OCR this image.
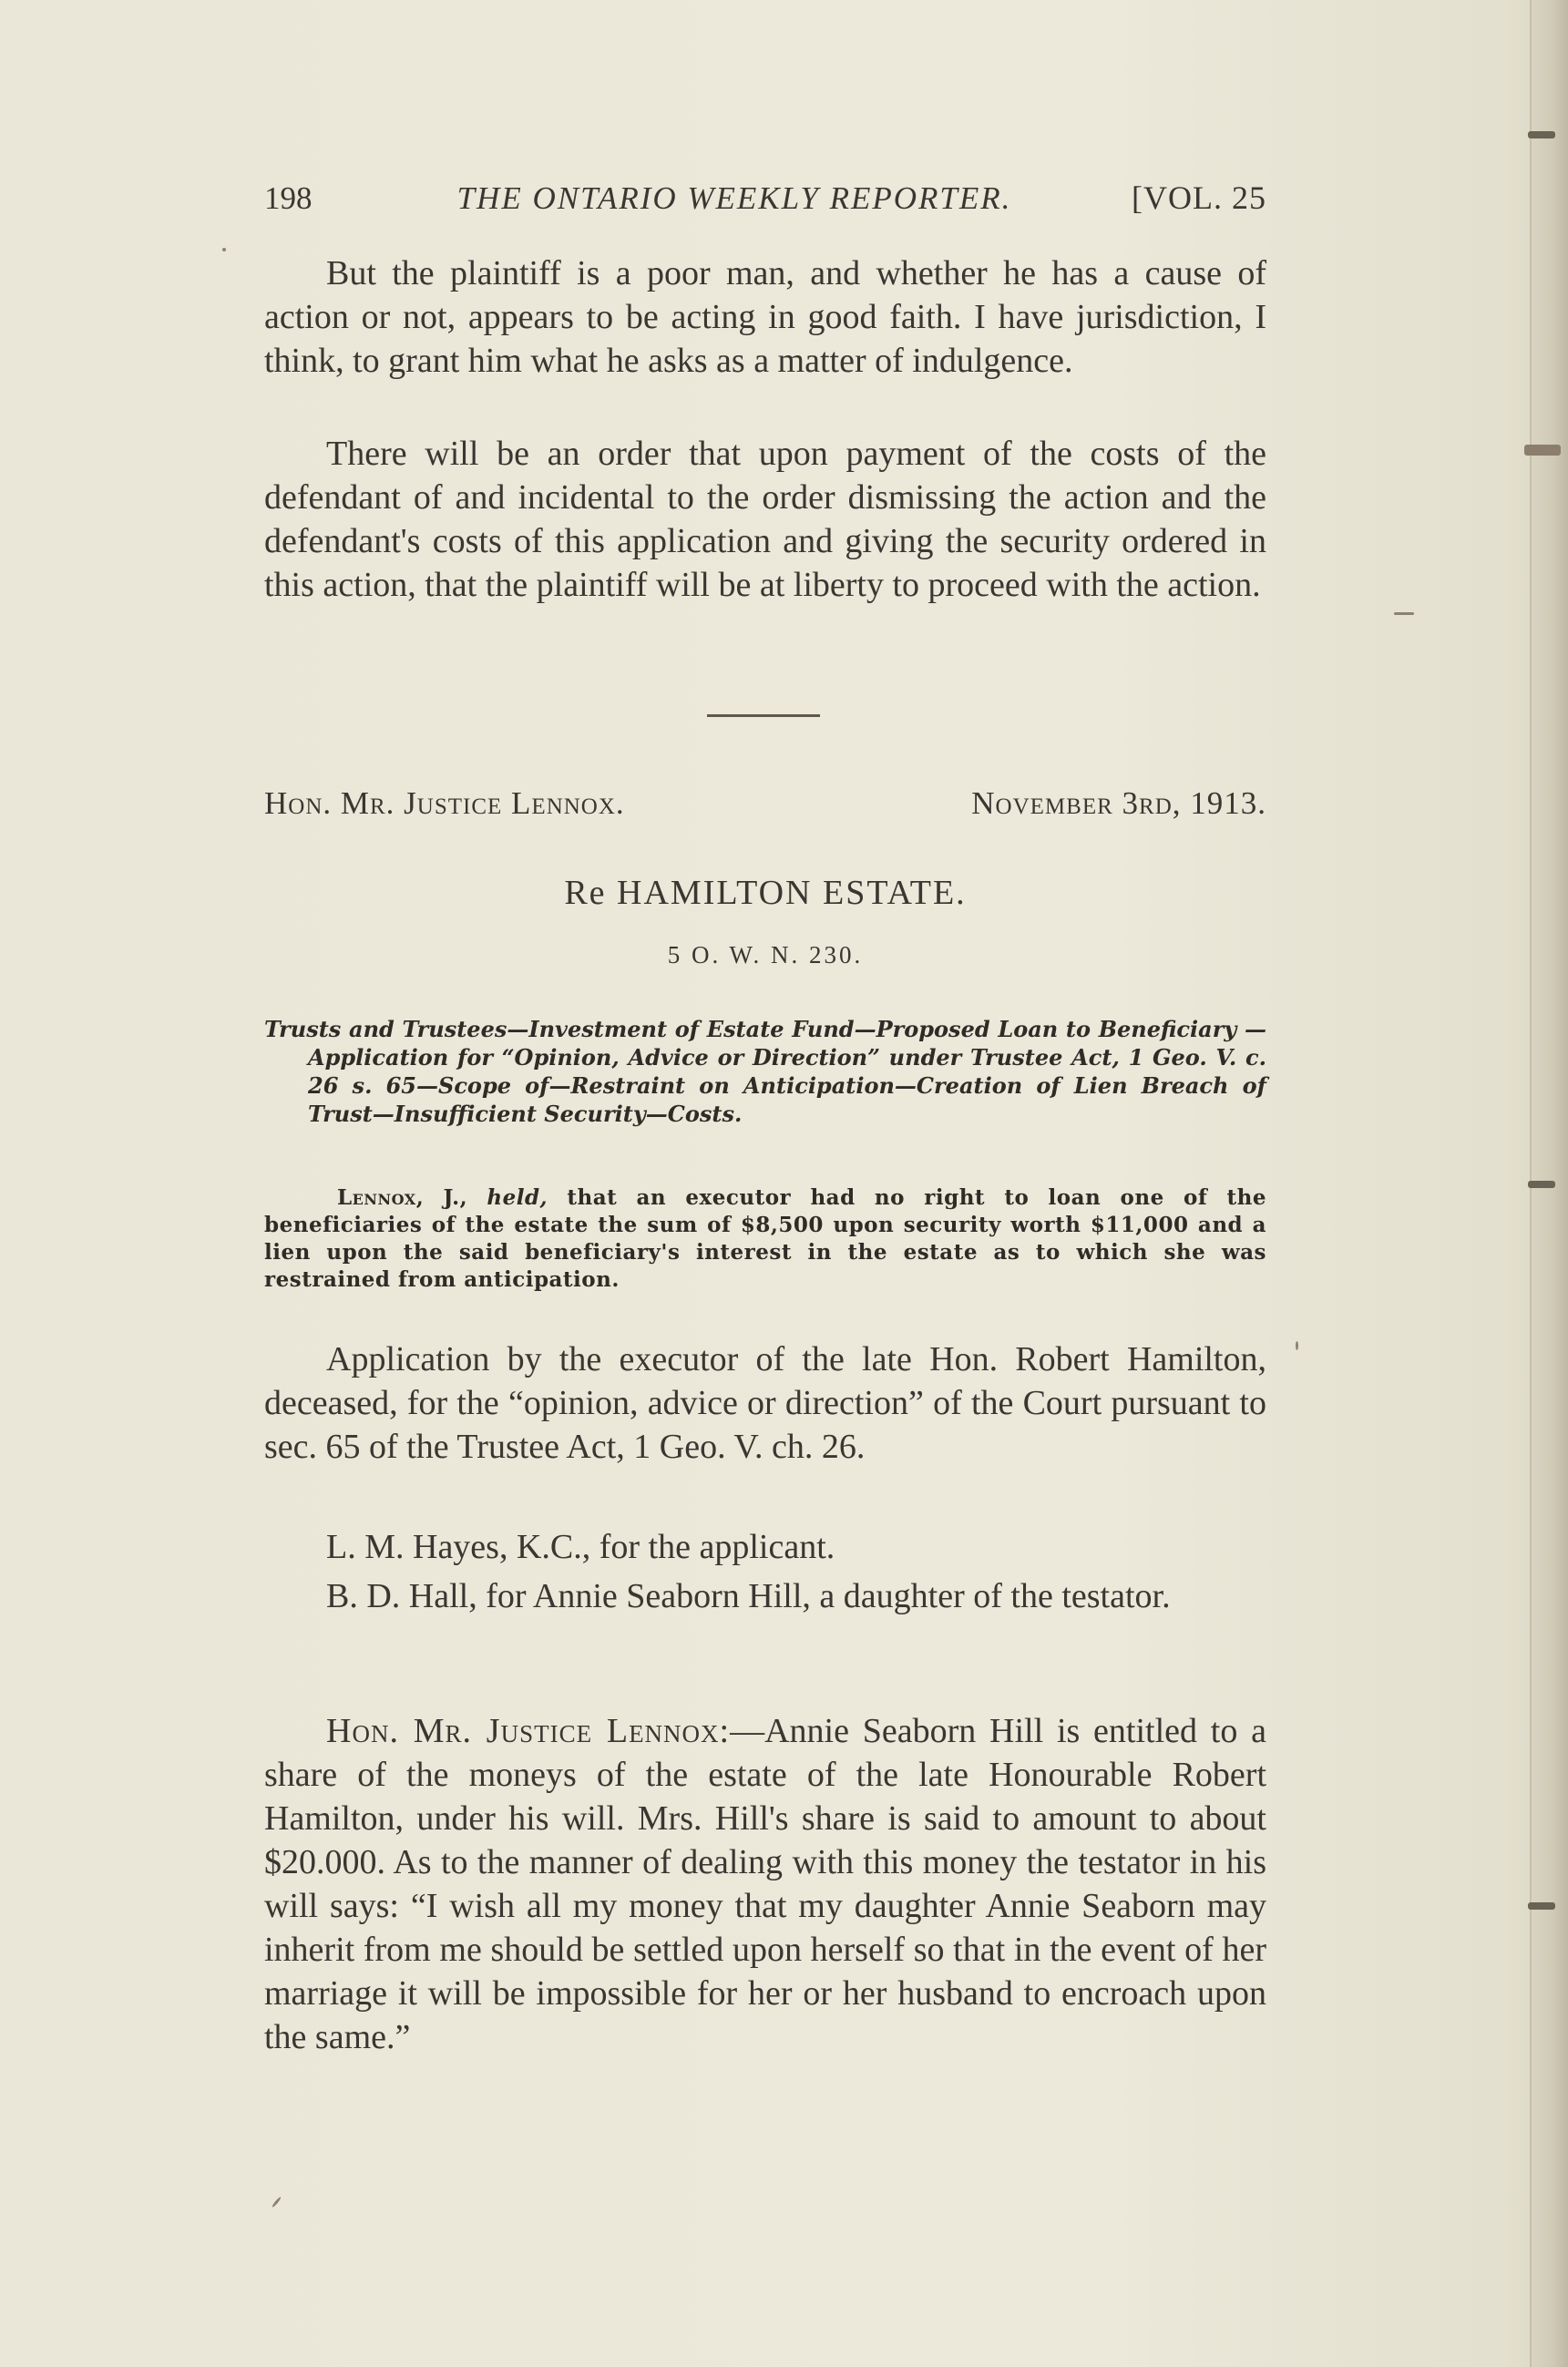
198	THE ONTARIO WEEKLY REPORTER.	[VOL. 25

But the plaintiff is a poor man, and whether he has a cause of action or not, appears to be acting in good faith. I have jurisdiction, I think, to grant him what he asks as a matter of indulgence.

There will be an order that upon payment of the costs of the defendant of and incidental to the order dismissing the action and the defendant's costs of this application and giving the security ordered in this action, that the plaintiff will be at liberty to proceed with the action.

Hon. Mr. Justice Lennox.	November 3rd, 1913.
Re HAMILTON ESTATE.
5 O. W. N. 230.
Trusts and Trustees—Investment of Estate Fund—Proposed Loan to Beneficiary — Application for “Opinion, Advice or Direction” under Trustee Act, 1 Geo. V. c. 26 s. 65—Scope of—Restraint on Anticipation—Creation of Lien Breach of Trust—Insufficient Security—Costs.

Lennox, J., held, that an executor had no right to loan one of the beneficiaries of the estate the sum of $8,500 upon security worth $11,000 and a lien upon the said beneficiary's interest in the estate as to which she was restrained from anticipation.

Application by the executor of the late Hon. Robert Hamilton, deceased, for the “opinion, advice or direction” of the Court pursuant to sec. 65 of the Trustee Act, 1 Geo. V. ch. 26.

L. M. Hayes, K.C., for the applicant.

B. D. Hall, for Annie Seaborn Hill, a daughter of the testator.

Hon. Mr. Justice Lennox:—Annie Seaborn Hill is entitled to a share of the moneys of the estate of the late Honourable Robert Hamilton, under his will. Mrs. Hill's share is said to amount to about $20.000. As to the manner of dealing with this money the testator in his will says: “I wish all my money that my daughter Annie Seaborn may inherit from me should be settled upon herself so that in the event of her marriage it will be impossible for her or her husband to encroach upon the same.”
